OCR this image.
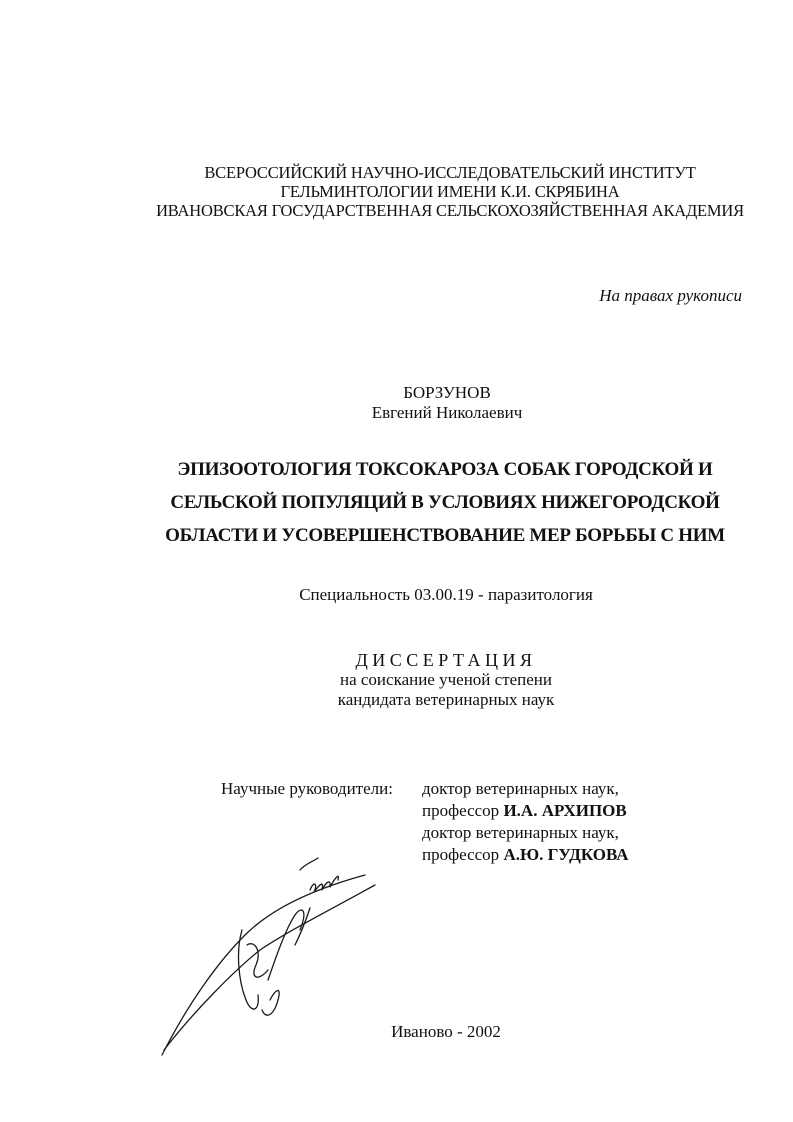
ВСЕРОССИЙСКИЙ НАУЧНО-ИССЛЕДОВАТЕЛЬСКИЙ ИНСТИТУТ
ГЕЛЬМИНТОЛОГИИ ИМЕНИ К.И. СКРЯБИНА
ИВАНОВСКАЯ ГОСУДАРСТВЕННАЯ СЕЛЬСКОХОЗЯЙСТВЕННАЯ АКАДЕМИЯ
На правах рукописи
БОРЗУНОВ
Евгений Николаевич
ЭПИЗООТОЛОГИЯ ТОКСОКАРОЗА СОБАК ГОРОДСКОЙ И
СЕЛЬСКОЙ ПОПУЛЯЦИЙ В УСЛОВИЯХ НИЖЕГОРОДСКОЙ
ОБЛАСТИ И УСОВЕРШЕНСТВОВАНИЕ МЕР БОРЬБЫ С НИМ
Специальность 03.00.19 - паразитология
ДИССЕРТАЦИЯ
на соискание ученой степени
кандидата ветеринарных наук
Научные руководители: доктор ветеринарных наук,
профессор И.А. АРХИПОВ
доктор ветеринарных наук,
профессор А.Ю. ГУДКОВА
Иваново - 2002
